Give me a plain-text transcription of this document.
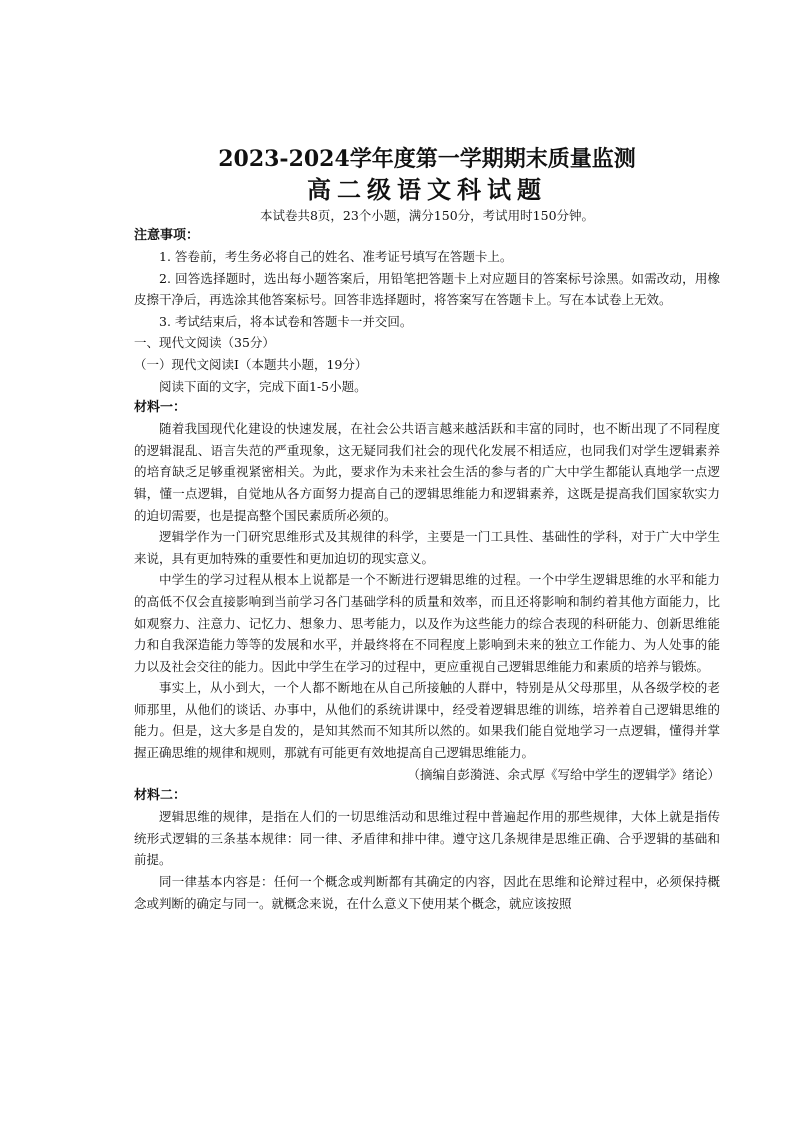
2023-2024学年度第一学期期末质量监测
高二级语文科试题

本试卷共8页，23个小题，满分150分，考试用时150分钟。

注意事项：

1. 答卷前，考生务必将自己的姓名、准考证号填写在答题卡上。

2. 回答选择题时，选出每小题答案后，用铅笔把答题卡上对应题目的答案标号涂黑。如需改动，用橡皮擦干净后，再选涂其他答案标号。回答非选择题时，将答案写在答题卡上。写在本试卷上无效。

3. 考试结束后，将本试卷和答题卡一并交回。

一、现代文阅读（35分）

（一）现代文阅读Ⅰ（本题共小题，19分）

阅读下面的文字，完成下面1-5小题。

材料一：

随着我国现代化建设的快速发展，在社会公共语言越来越活跃和丰富的同时，也不断出现了不同程度的逻辑混乱、语言失范的严重现象，这无疑同我们社会的现代化发展不相适应，也同我们对学生逻辑素养的培育缺乏足够重视紧密相关。为此，要求作为未来社会生活的参与者的广大中学生都能认真地学一点逻辑，懂一点逻辑，自觉地从各方面努力提高自己的逻辑思维能力和逻辑素养，这既是提高我们国家软实力的迫切需要，也是提高整个国民素质所必须的。

逻辑学作为一门研究思维形式及其规律的科学，主要是一门工具性、基础性的学科，对于广大中学生来说，具有更加特殊的重要性和更加迫切的现实意义。

中学生的学习过程从根本上说都是一个不断进行逻辑思维的过程。一个中学生逻辑思维的水平和能力的高低不仅会直接影响到当前学习各门基础学科的质量和效率，而且还将影响和制约着其他方面能力，比如观察力、注意力、记忆力、想象力、思考能力，以及作为这些能力的综合表现的科研能力、创新思维能力和自我深造能力等等的发展和水平，并最终将在不同程度上影响到未来的独立工作能力、为人处事的能力以及社会交往的能力。因此中学生在学习的过程中，更应重视自己逻辑思维能力和素质的培养与锻炼。

事实上，从小到大，一个人都不断地在从自己所接触的人群中，特别是从父母那里，从各级学校的老师那里，从他们的谈话、办事中，从他们的系统讲课中，经受着逻辑思维的训练，培养着自己逻辑思维的能力。但是，这大多是自发的，是知其然而不知其所以然的。如果我们能自觉地学习一点逻辑，懂得并掌握正确思维的规律和规则，那就有可能更有效地提高自己逻辑思维能力。

（摘编自彭漪涟、余式厚《写给中学生的逻辑学》绪论）

材料二：

逻辑思维的规律，是指在人们的一切思维活动和思维过程中普遍起作用的那些规律，大体上就是指传统形式逻辑的三条基本规律：同一律、矛盾律和排中律。遵守这几条规律是思维正确、合乎逻辑的基础和前提。

同一律基本内容是：任何一个概念或判断都有其确定的内容，因此在思维和论辩过程中，必须保持概念或判断的确定与同一。就概念来说，在什么意义下使用某个概念，就应该按照
